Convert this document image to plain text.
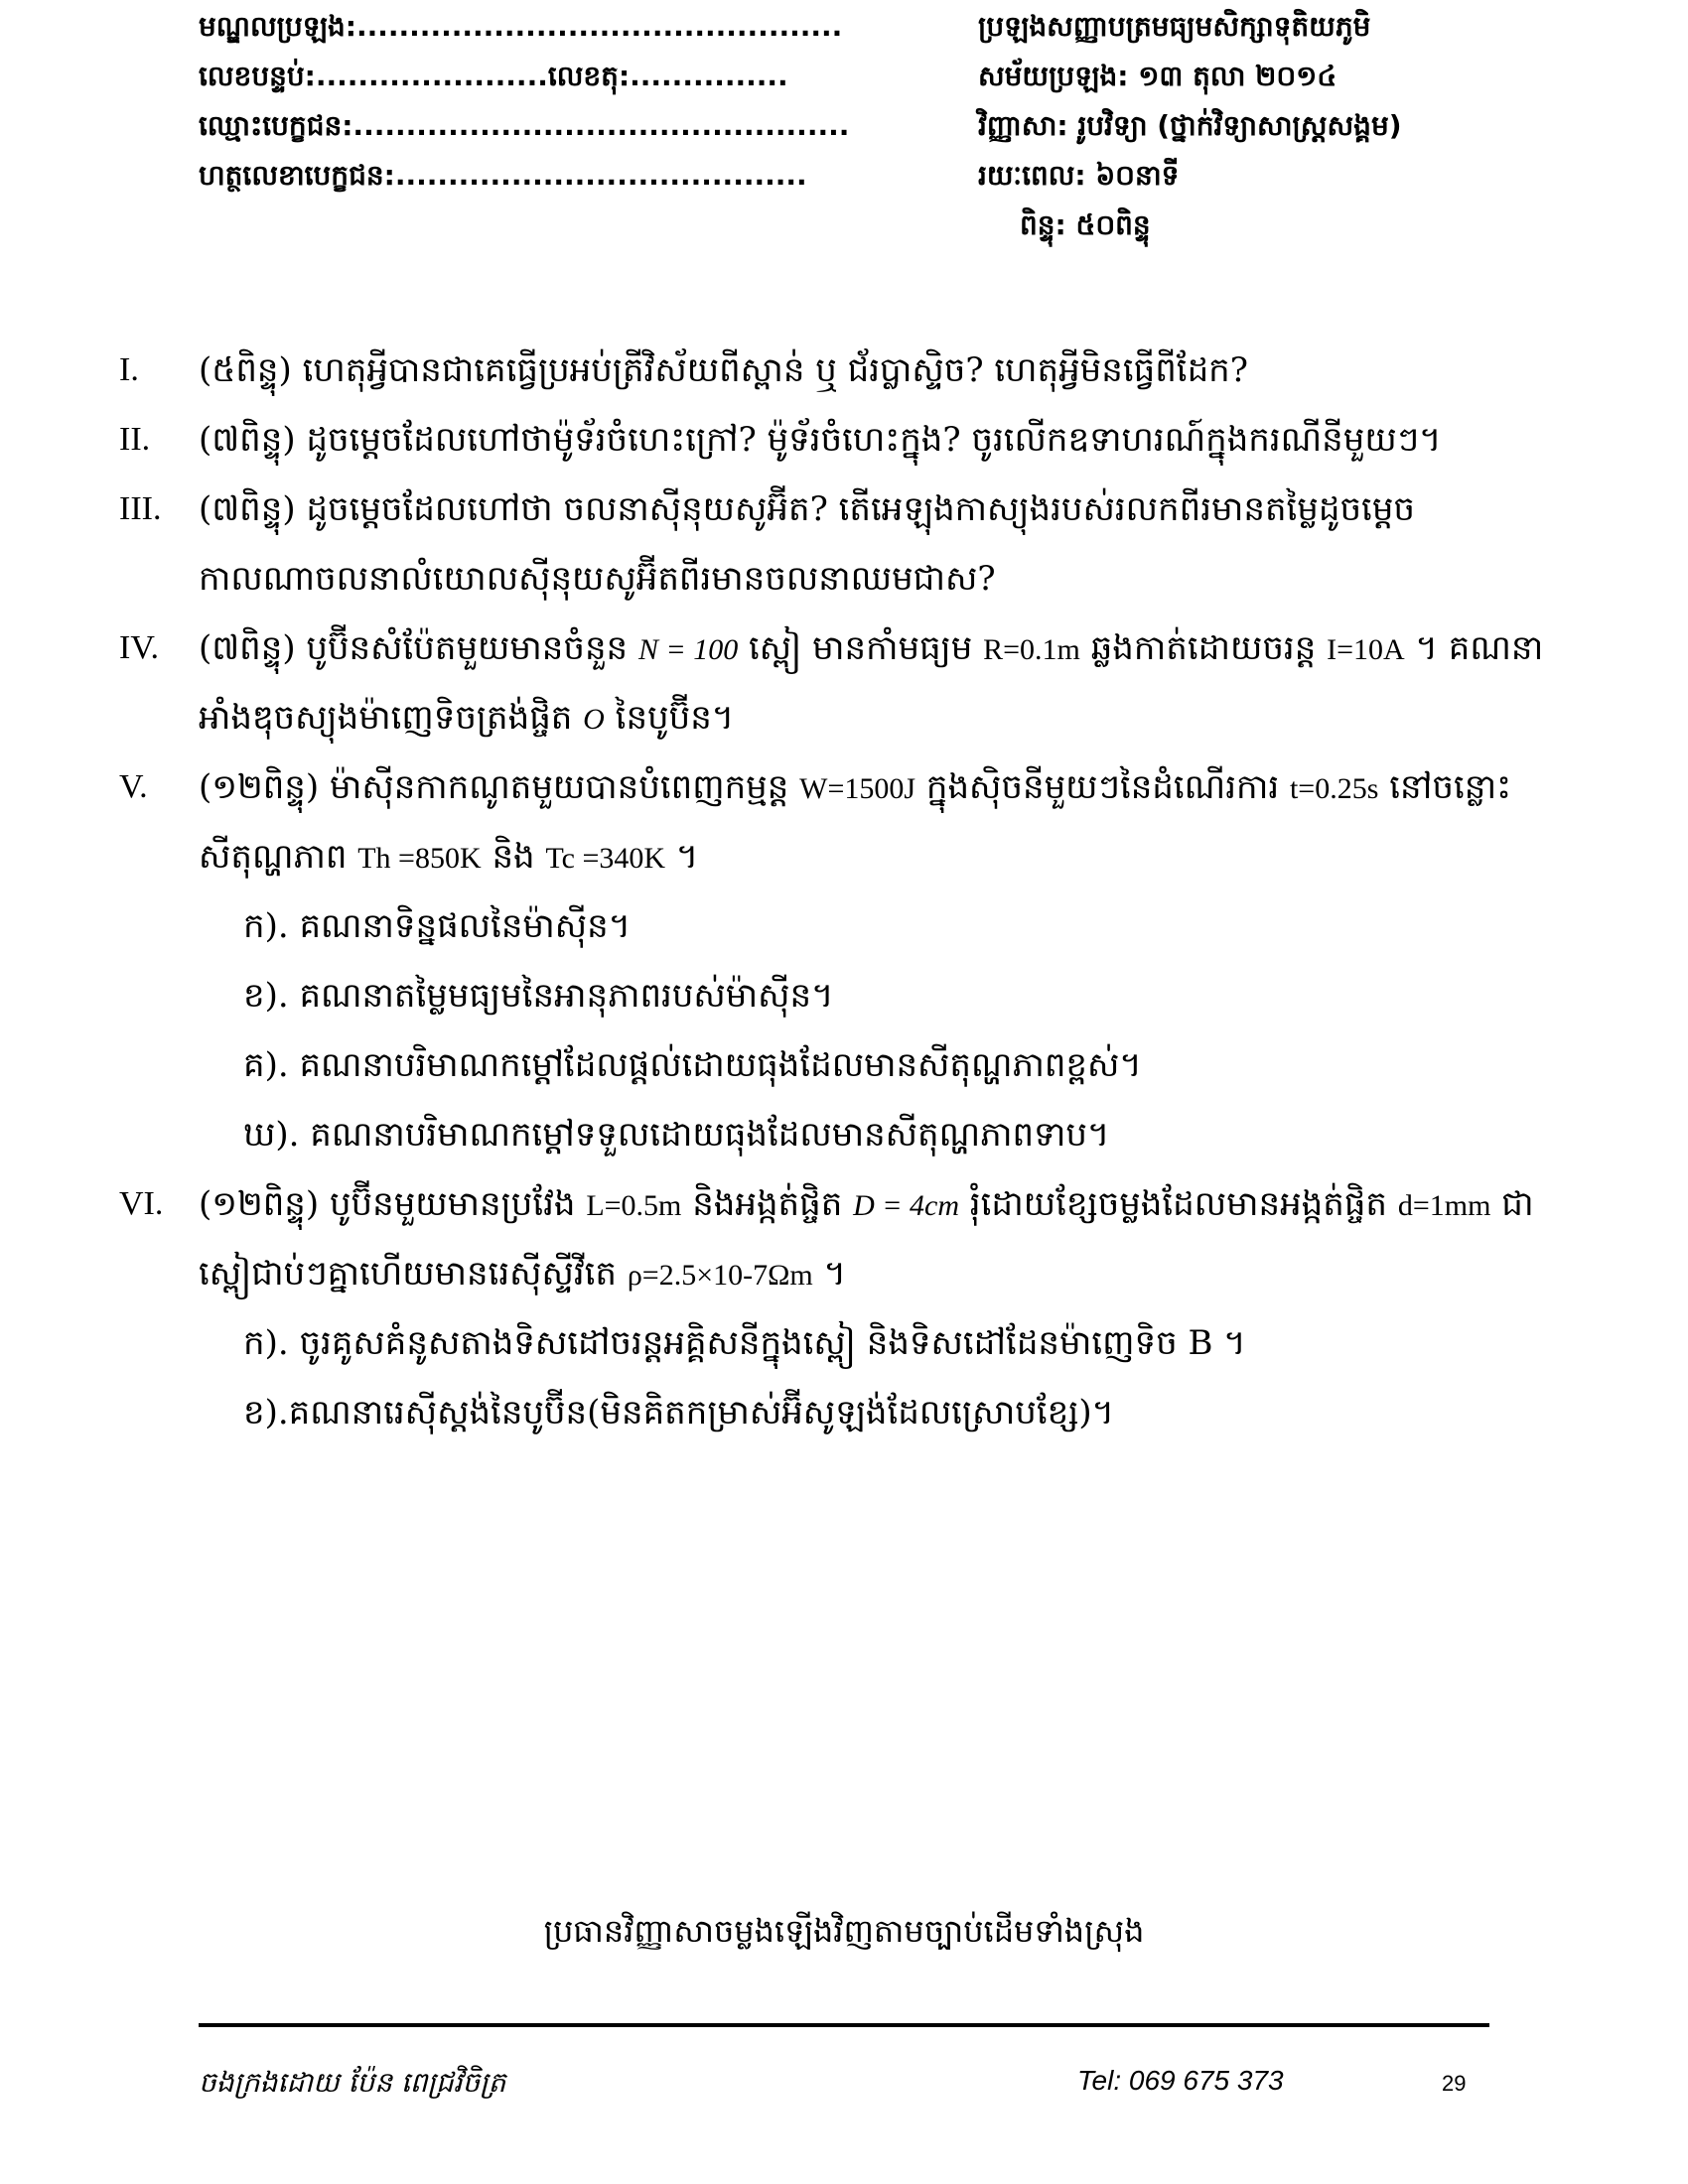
មណ្ឌលប្រឡង:..............................................
លេខបន្ទប់:......................លេខតុ:...............
ឈ្មោះបេក្ខជន:...............................................
ហត្ថលេខាបេក្ខជន:.......................................
ប្រឡងសញ្ញាបត្រមធ្យមសិក្សាទុតិយភូមិ
សម័យប្រឡង: ១៣ តុលា ២០១៤
វិញ្ញាសា: រូបវិទ្យា (ថ្នាក់វិទ្យាសាស្ត្រសង្គម)
រយៈពេល: ៦០នាទី
ពិន្ទុ: ៥០ពិន្ទុ
I. (៥ពិន្ទុ) ហេតុអ្វីបានជាគេធ្វើប្រអប់ត្រីវិស័យពីស្ពាន់ ឬ ជ័រប្លាស្ទិច? ហេតុអ្វីមិនធ្វើពីដែក?
II. (៧ពិន្ទុ) ដូចម្តេចដែលហៅថាម៉ូទ័រចំហេះក្រៅ? ម៉ូទ័រចំហេះក្នុង? ចូរលើកឧទាហរណ៍ក្នុងករណីនីមួយៗ។
III. (៧ពិន្ទុ) ដូចម្តេចដែលហៅថា ចលនាស៊ីនុយសូអ៊ីត? តើអេឡុងកាស្យុងរបស់រលកពីរមានតម្លៃដូចម្តេច
កាលណាចលនាលំយោលស៊ីនុយសូអ៊ីតពីរមានចលនាឈមជាស?
IV. (៧ពិន្ទុ) បូប៊ីនសំប៉ែតមួយមានចំនួន N = 100 ស្ពៀ មានកាំមធ្យម R=0.1m ឆ្លងកាត់ដោយចរន្ត I=10A ។ គណនា
អាំងឌុចស្យុងម៉ាញេទិចត្រង់ផ្ចិត O នៃបូប៊ីន។
V. (១២ពិន្ទុ) ម៉ាស៊ីនកាកណូតមួយបានបំពេញកម្មន្ត W=1500J ក្នុងស៊ិចនីមួយៗនៃដំណើរការ t=0.25s នៅចន្លោះ
សីតុណ្ហភាព Th =850K និង Tc =340K ។
ក). គណនាទិន្នផលនៃម៉ាស៊ីន។
ខ). គណនាតម្លៃមធ្យមនៃអានុភាពរបស់ម៉ាស៊ីន។
គ). គណនាបរិមាណកម្តៅដែលផ្តល់ដោយធុងដែលមានសីតុណ្ហភាពខ្ពស់។
ឃ). គណនាបរិមាណកម្តៅទទួលដោយធុងដែលមានសីតុណ្ហភាពទាប។
VI. (១២ពិន្ទុ) បូប៊ីនមួយមានប្រវែង L=0.5m និងអង្កត់ផ្ចិត D = 4cm រុំដោយខ្សែចម្លងដែលមានអង្កត់ផ្ចិត d=1mm ជា
ស្ពៀជាប់ៗគ្នាហើយមានរេស៊ីស្ទីវីតេ ρ=2.5×10-7Ωm ។
ក). ចូរគូសគំនូសតាងទិសដៅចរន្តអគ្គិសនីក្នុងស្ពៀ និងទិសដៅដែនម៉ាញេទិច B ។
ខ).គណនារេស៊ីស្តង់នៃបូប៊ីន(មិនគិតកម្រាស់អ៊ីសូឡង់ដែលស្រោបខ្សែ)។
ប្រធានវិញ្ញាសាចម្លងឡើងវិញតាមច្បាប់ដើមទាំងស្រុង
ចងក្រងដោយ ប៉ែន ពេជ្រវិចិត្រ	Tel: 069 675 373	29
